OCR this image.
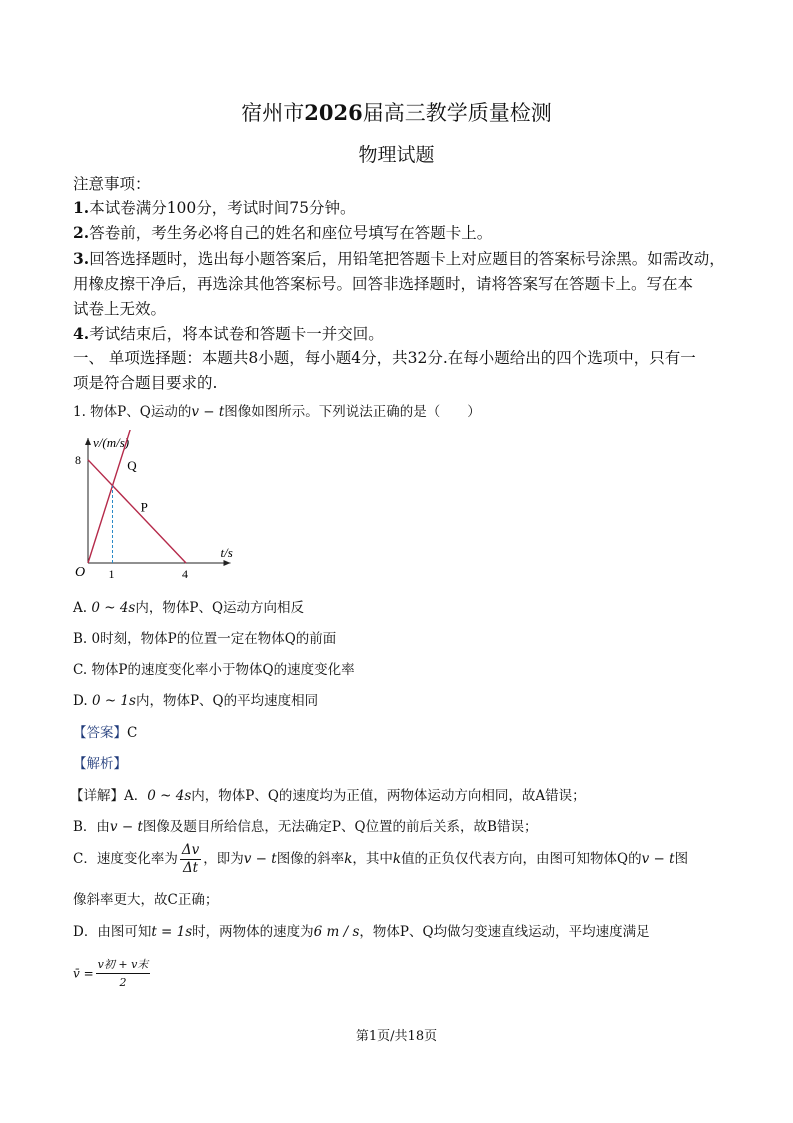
宿州市2026届高三教学质量检测
物理试题
注意事项：
1.本试卷满分100分，考试时间75分钟。
2.答卷前，考生务必将自己的姓名和座位号填写在答题卡上。
3.回答选择题时，选出每小题答案后，用铅笔把答题卡上对应题目的答案标号涂黑。如需改动，
用橡皮擦干净后，再选涂其他答案标号。回答非选择题时，请将答案写在答题卡上。写在本
试卷上无效。
4.考试结束后，将本试卷和答题卡一并交回。
一、 单项选择题：本题共8小题，每小题4分，共32分.在每小题给出的四个选项中，只有一
项是符合题目要求的.
1. 物体P、Q运动的v − t图像如图所示。下列说法正确的是（　　）
v/(m/s)
t/s
O 1	4
8
P
Q
A. 0 ~ 4s内，物体P、Q运动方向相反
B. 0时刻，物体P的位置一定在物体Q的前面
C. 物体P的速度变化率小于物体Q的速度变化率
D. 0 ~ 1s内，物体P、Q的平均速度相同
【答案】C
【解析】
【详解】A．0 ~ 4s内，物体P、Q的速度均为正值，两物体运动方向相同，故A错误；
B．由v − t图像及题目所给信息，无法确定P、Q位置的前后关系，故B错误；
C．速度变化率为 $\frac{\Delta v}{\Delta t}$ ，即为v − t图像的斜率k，其中k值的正负仅代表方向，由图可知物体Q的v − t图
像斜率更大，故C正确；
D．由图可知t = 1s时，两物体的速度为6 m / s，物体P、Q均做匀变速直线运动，平均速度满足
v̄ = $\frac{\text{v初 + v末}}{2}$
第1页/共18页
